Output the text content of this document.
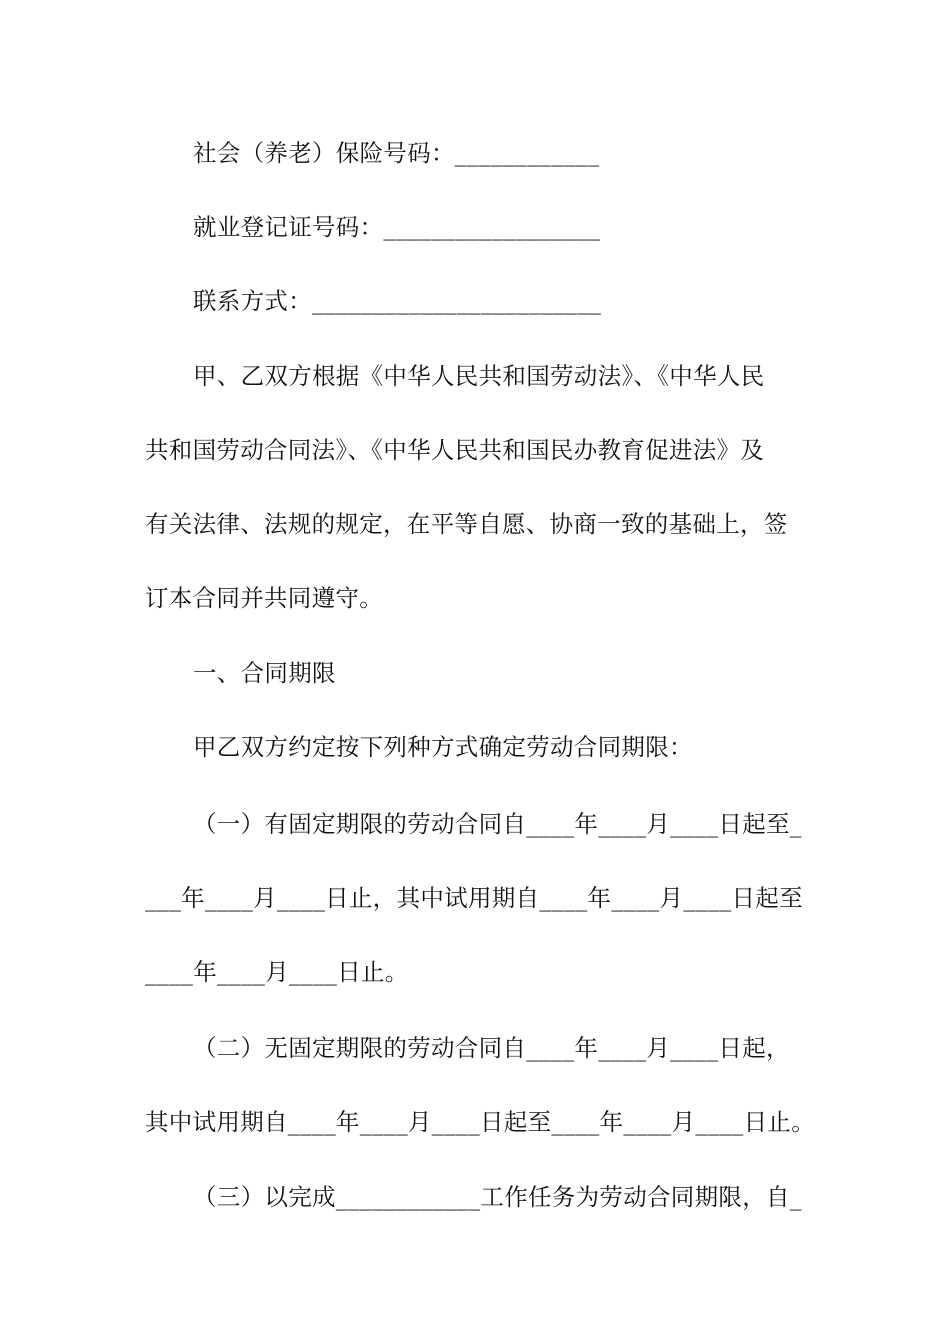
社会（养老）保险号码：____________
就业登记证号码：__________________
联系方式：________________________
甲、乙双方根据《中华人民共和国劳动法》、《中华人民
共和国劳动合同法》、《中华人民共和国民办教育促进法》及
有关法律、法规的规定，在平等自愿、协商一致的基础上，签
订本合同并共同遵守。
一、合同期限
甲乙双方约定按下列种方式确定劳动合同期限：
（一）有固定期限的劳动合同自____年____月____日起至_
___年____月____日止，其中试用期自____年____月____日起至
____年____月____日止。
（二）无固定期限的劳动合同自____年____月____日起，
其中试用期自____年____月____日起至____年____月____日止。
（三）以完成____________工作任务为劳动合同期限，自_
